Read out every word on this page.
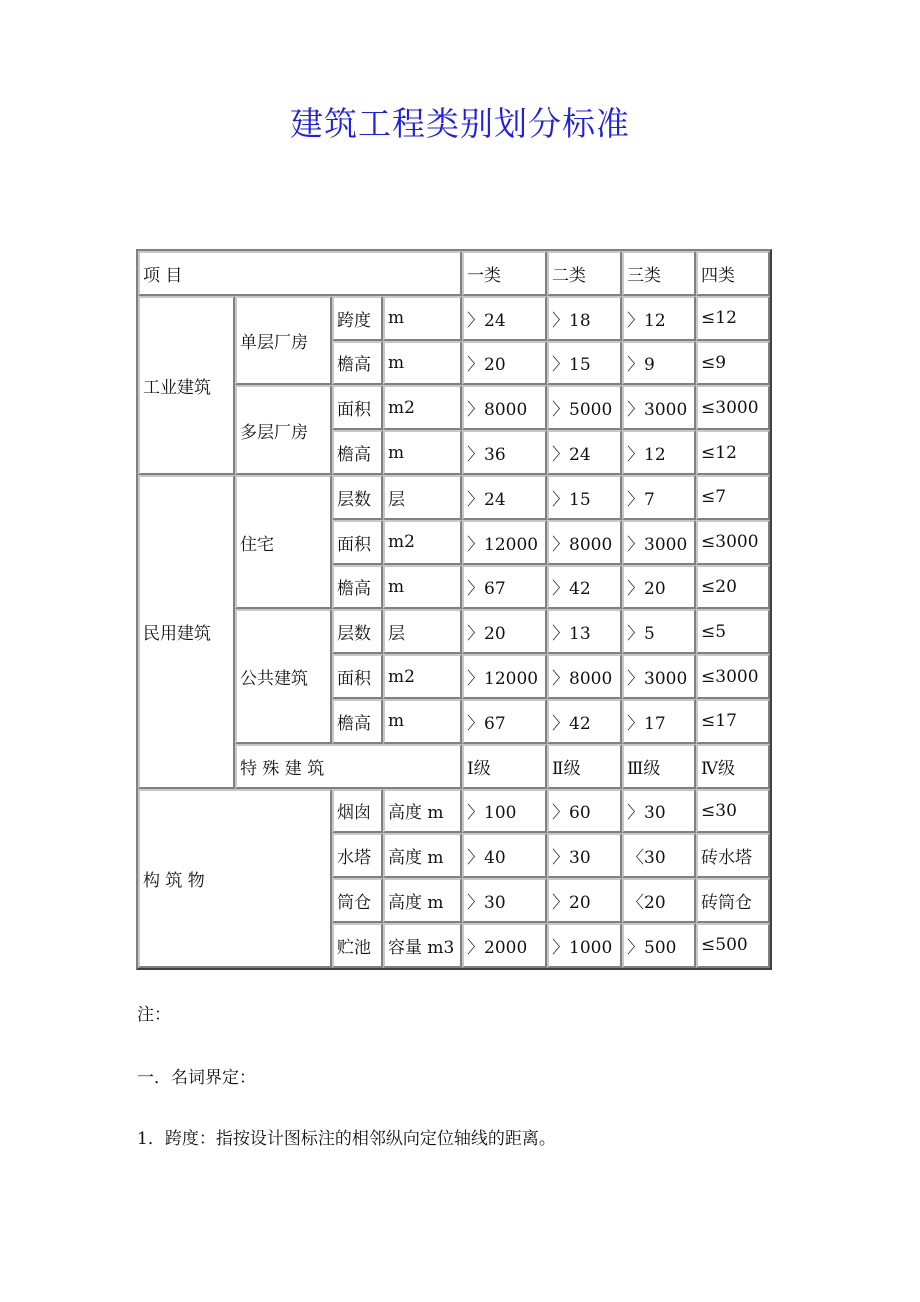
建筑工程类别划分标准
项 目				一类	二类	三类	四类
工业建筑	单层厂房	跨度	m	〉24	〉18	〉12	≤12
		檐高	m	〉20	〉15	〉9	≤9
	多层厂房	面积	m2	〉8000	〉5000	〉3000	≤3000
		檐高	m	〉36	〉24	〉12	≤12
民用建筑	住宅	层数	层	〉24	〉15	〉7	≤7
		面积	m2	〉12000	〉8000	〉3000	≤3000
		檐高	m	〉67	〉42	〉20	≤20
	公共建筑	层数	层	〉20	〉13	〉5	≤5
		面积	m2	〉12000	〉8000	〉3000	≤3000
		檐高	m	〉67	〉42	〉17	≤17
	特 殊 建 筑			Ⅰ级	Ⅱ级	Ⅲ级	Ⅳ级
构 筑 物		烟囱	高度 m	〉100	〉60	〉30	≤30
		水塔	高度 m	〉40	〉30	〈30	砖水塔
		筒仓	高度 m	〉30	〉20	〈20	砖筒仓
		贮池	容量 m3	〉2000	〉1000	〉500	≤500

注：

一．名词界定：

1．跨度：指按设计图标注的相邻纵向定位轴线的距离。
